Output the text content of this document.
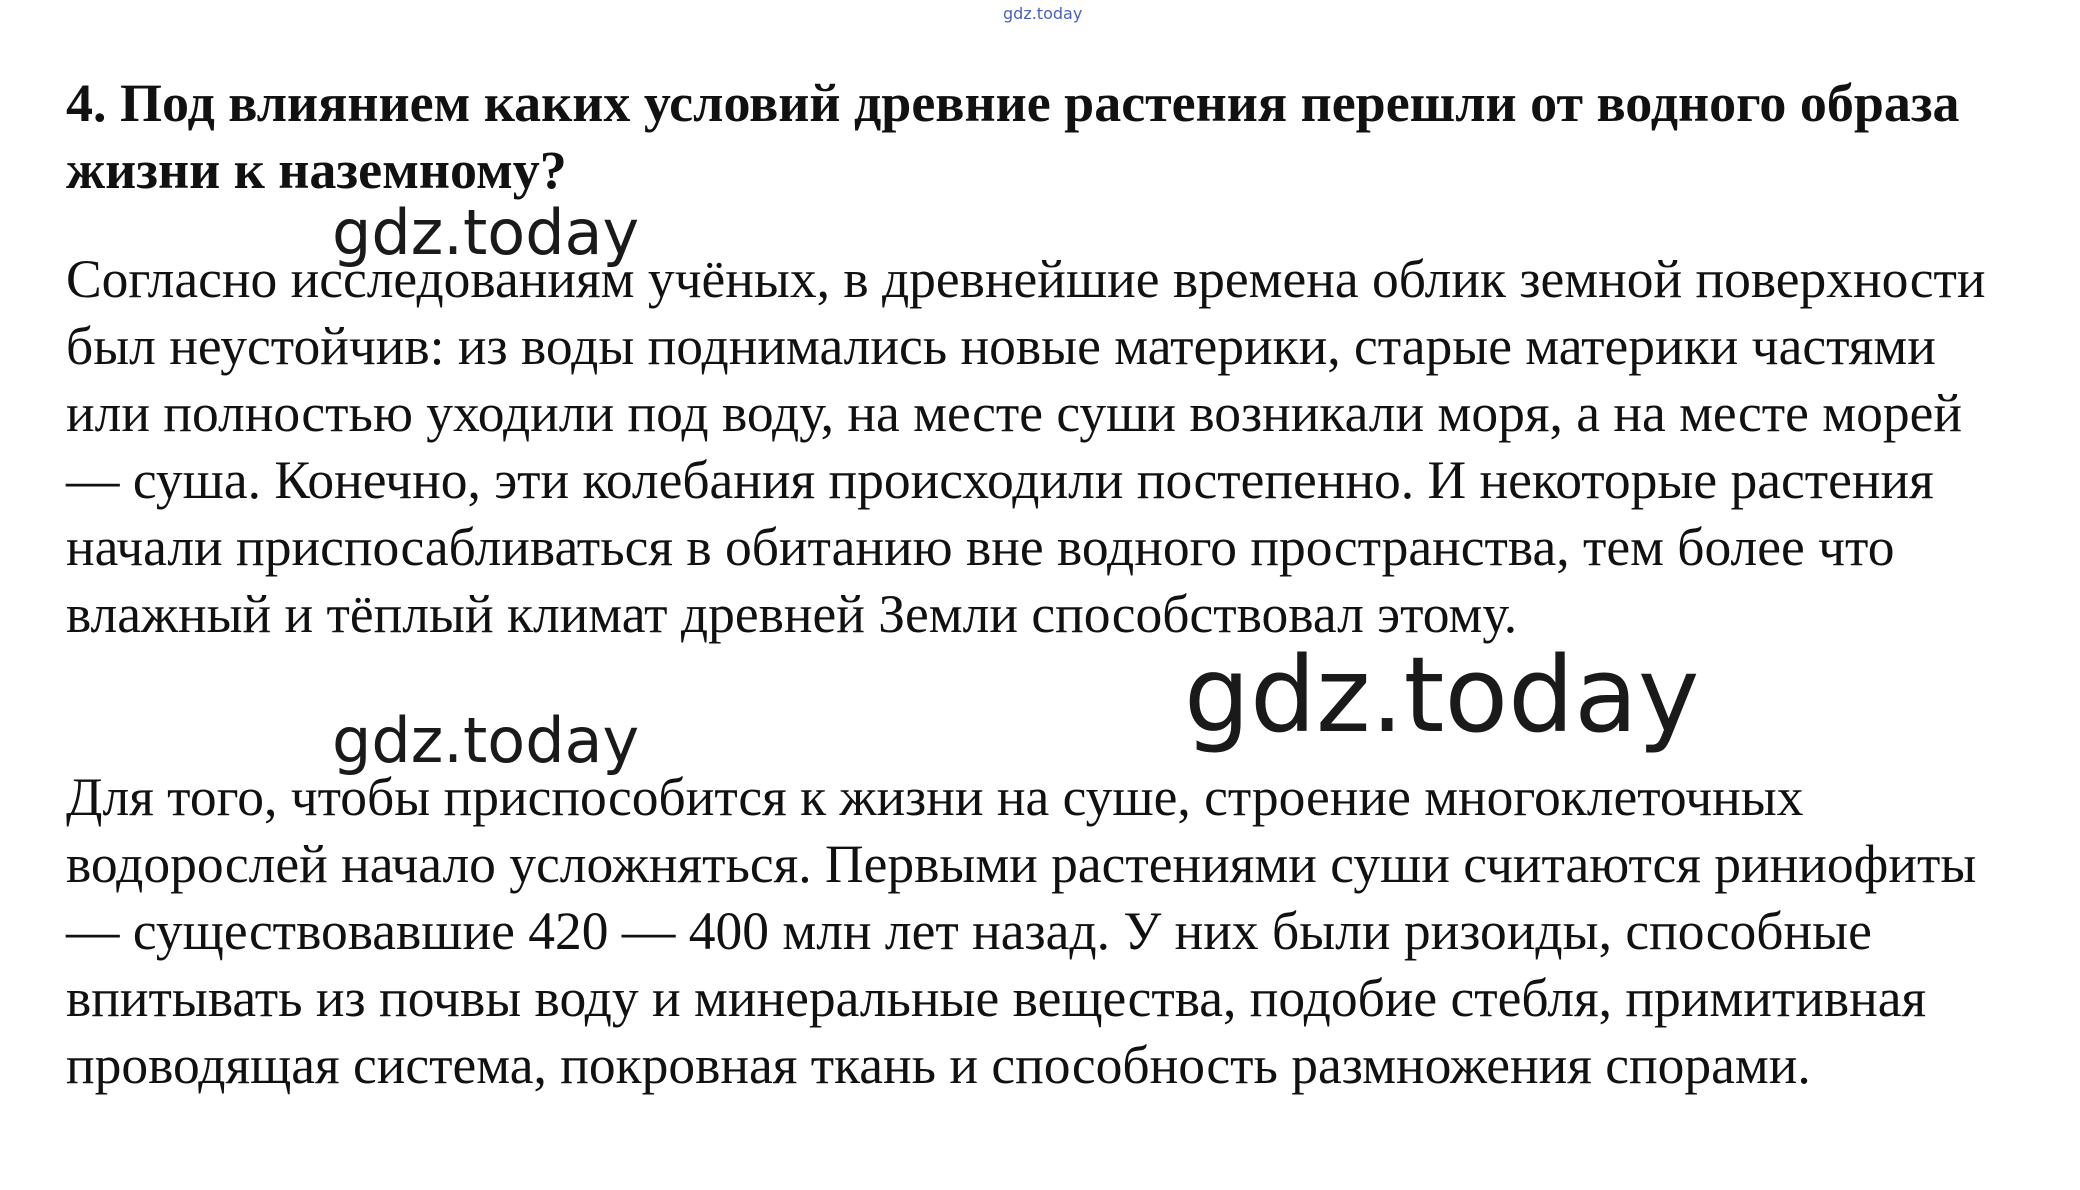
gdz.today

4. Под влиянием каких условий древние растения перешли от водного образа жизни к наземному?

Согласно исследованиям учёных, в древнейшие времена облик земной поверхности был неустойчив: из воды поднимались новые материки, старые материки частями или полностью уходили под воду, на месте суши возникали моря, а на месте морей — суша. Конечно, эти колебания происходили постепенно. И некоторые растения начали приспосабливаться в обитанию вне водного пространства, тем более что влажный и тёплый климат древней Земли способствовал этому.

Для того, чтобы приспособится к жизни на суше, строение многоклеточных водорослей начало усложняться. Первыми растениями суши считаются риниофиты — существовавшие 420 — 400 млн лет назад. У них были ризоиды, способные впитывать из почвы воду и минеральные вещества, подобие стебля, примитивная проводящая система, покровная ткань и способность размножения спорами.

gdz.today
gdz.today	gdz.today
